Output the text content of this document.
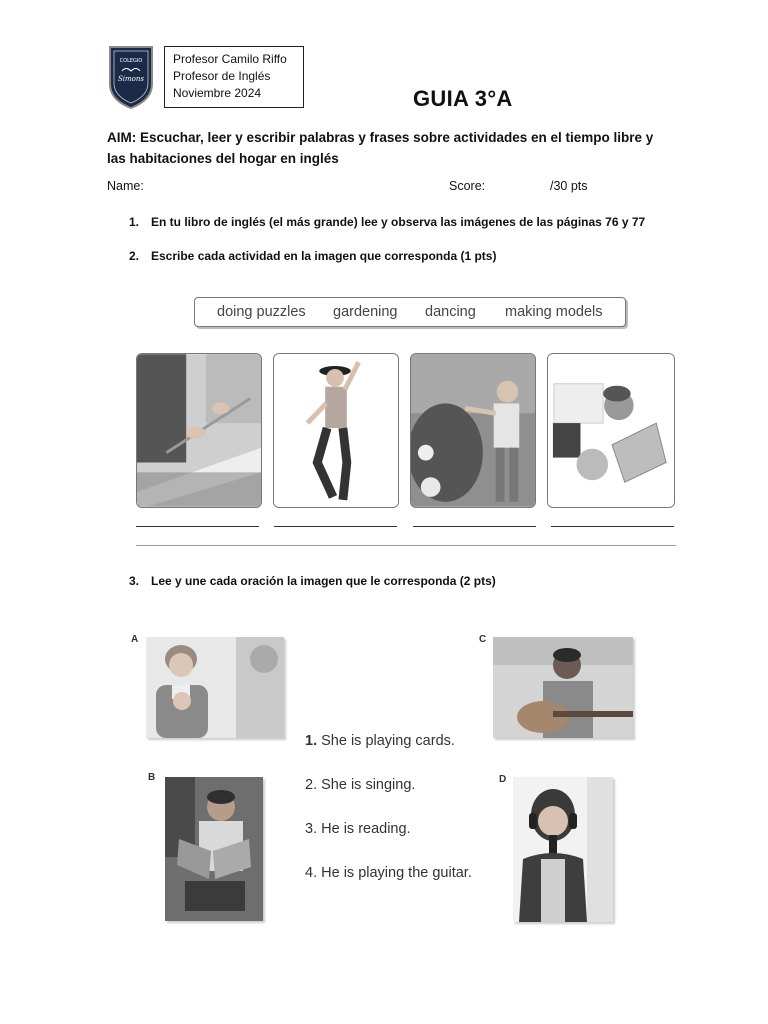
COLEGIO
Simons
Profesor Camilo Riffo
Profesor de Inglés
Noviembre 2024	GUIA 3°A
AIM: Escuchar, leer y escribir palabras y frases sobre actividades en el tiempo libre y las habitaciones del hogar en inglés
Name:	Score:	/30 pts
1. En tu libro de inglés (el más grande) lee y observa las imágenes de las páginas 76 y 77
2. Escribe cada actividad en la imagen que corresponda (1 pts)
doing puzzles gardening dancing making models
3. Lee y une cada oración la imagen que le corresponda (2 pts)
A
B
C
D
1. She is playing cards.
2. She is singing.
3. He is reading.
4. He is playing the guitar.
